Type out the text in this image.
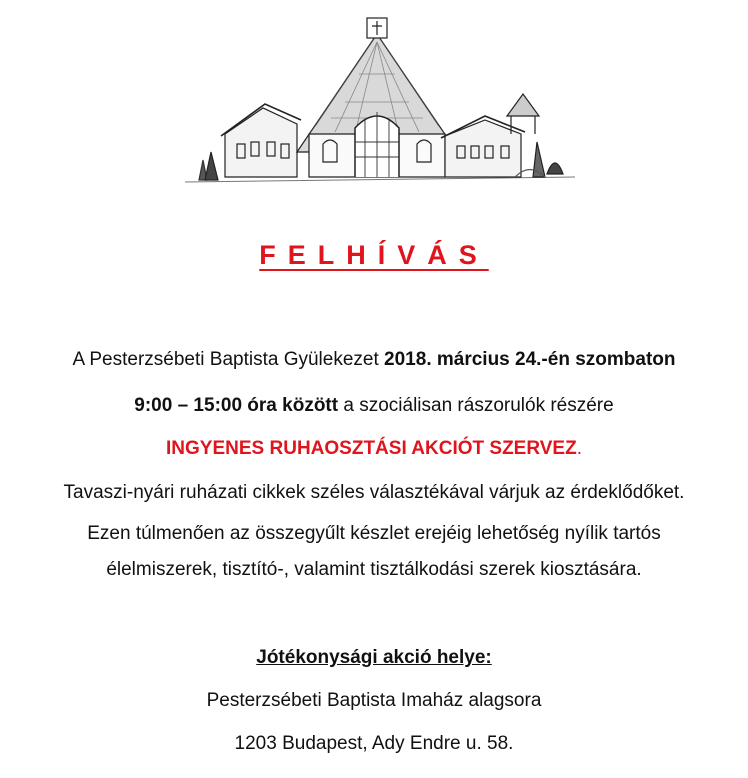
FELHÍVÁS
A Pesterzsébeti Baptista Gyülekezet 2018. március 24.-én szombaton
9:00 – 15:00 óra között a szociálisan rászorulók részére
INGYENES RUHAOSZTÁSI AKCIÓT SZERVEZ.
Tavaszi-nyári ruházati cikkek széles választékával várjuk az érdeklődőket.
Ezen túlmenően az összegyűlt készlet erejéig lehetőség nyílik tartós
élelmiszerek, tisztító-, valamint tisztálkodási szerek kiosztására.
Jótékonysági akció helye:
Pesterzsébeti Baptista Imaház alagsora
1203 Budapest, Ady Endre u. 58.
